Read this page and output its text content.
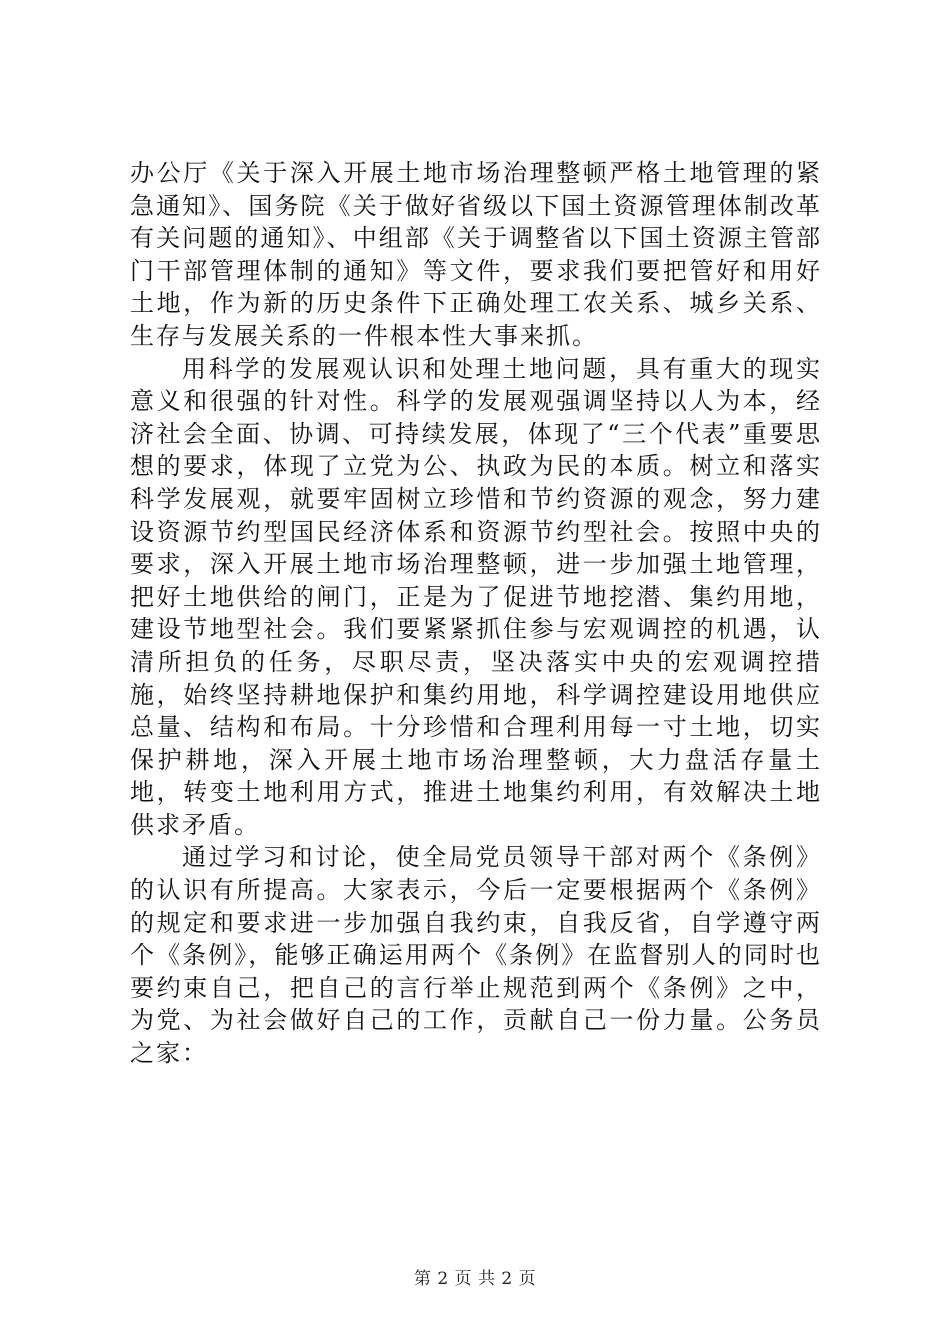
办公厅《关于深入开展土地市场治理整顿严格土地管理的紧急通知》、国务院《关于做好省级以下国土资源管理体制改革有关问题的通知》、中组部《关于调整省以下国土资源主管部门干部管理体制的通知》等文件，要求我们要把管好和用好土地，作为新的历史条件下正确处理工农关系、城乡关系、生存与发展关系的一件根本性大事来抓。

用科学的发展观认识和处理土地问题，具有重大的现实意义和很强的针对性。科学的发展观强调坚持以人为本，经济社会全面、协调、可持续发展，体现了“三个代表”重要思想的要求，体现了立党为公、执政为民的本质。树立和落实科学发展观，就要牢固树立珍惜和节约资源的观念，努力建设资源节约型国民经济体系和资源节约型社会。按照中央的要求，深入开展土地市场治理整顿，进一步加强土地管理，把好土地供给的闸门，正是为了促进节地挖潜、集约用地，建设节地型社会。我们要紧紧抓住参与宏观调控的机遇，认清所担负的任务，尽职尽责，坚决落实中央的宏观调控措施，始终坚持耕地保护和集约用地，科学调控建设用地供应总量、结构和布局。十分珍惜和合理利用每一寸土地，切实保护耕地，深入开展土地市场治理整顿，大力盘活存量土地，转变土地利用方式，推进土地集约利用，有效解决土地供求矛盾。

通过学习和讨论，使全局党员领导干部对两个《条例》的认识有所提高。大家表示，今后一定要根据两个《条例》的规定和要求进一步加强自我约束，自我反省，自学遵守两个《条例》，能够正确运用两个《条例》在监督别人的同时也要约束自己，把自己的言行举止规范到两个《条例》之中，为党、为社会做好自己的工作，贡献自己一份力量。公务员之家：

第 2 页 共 2 页
